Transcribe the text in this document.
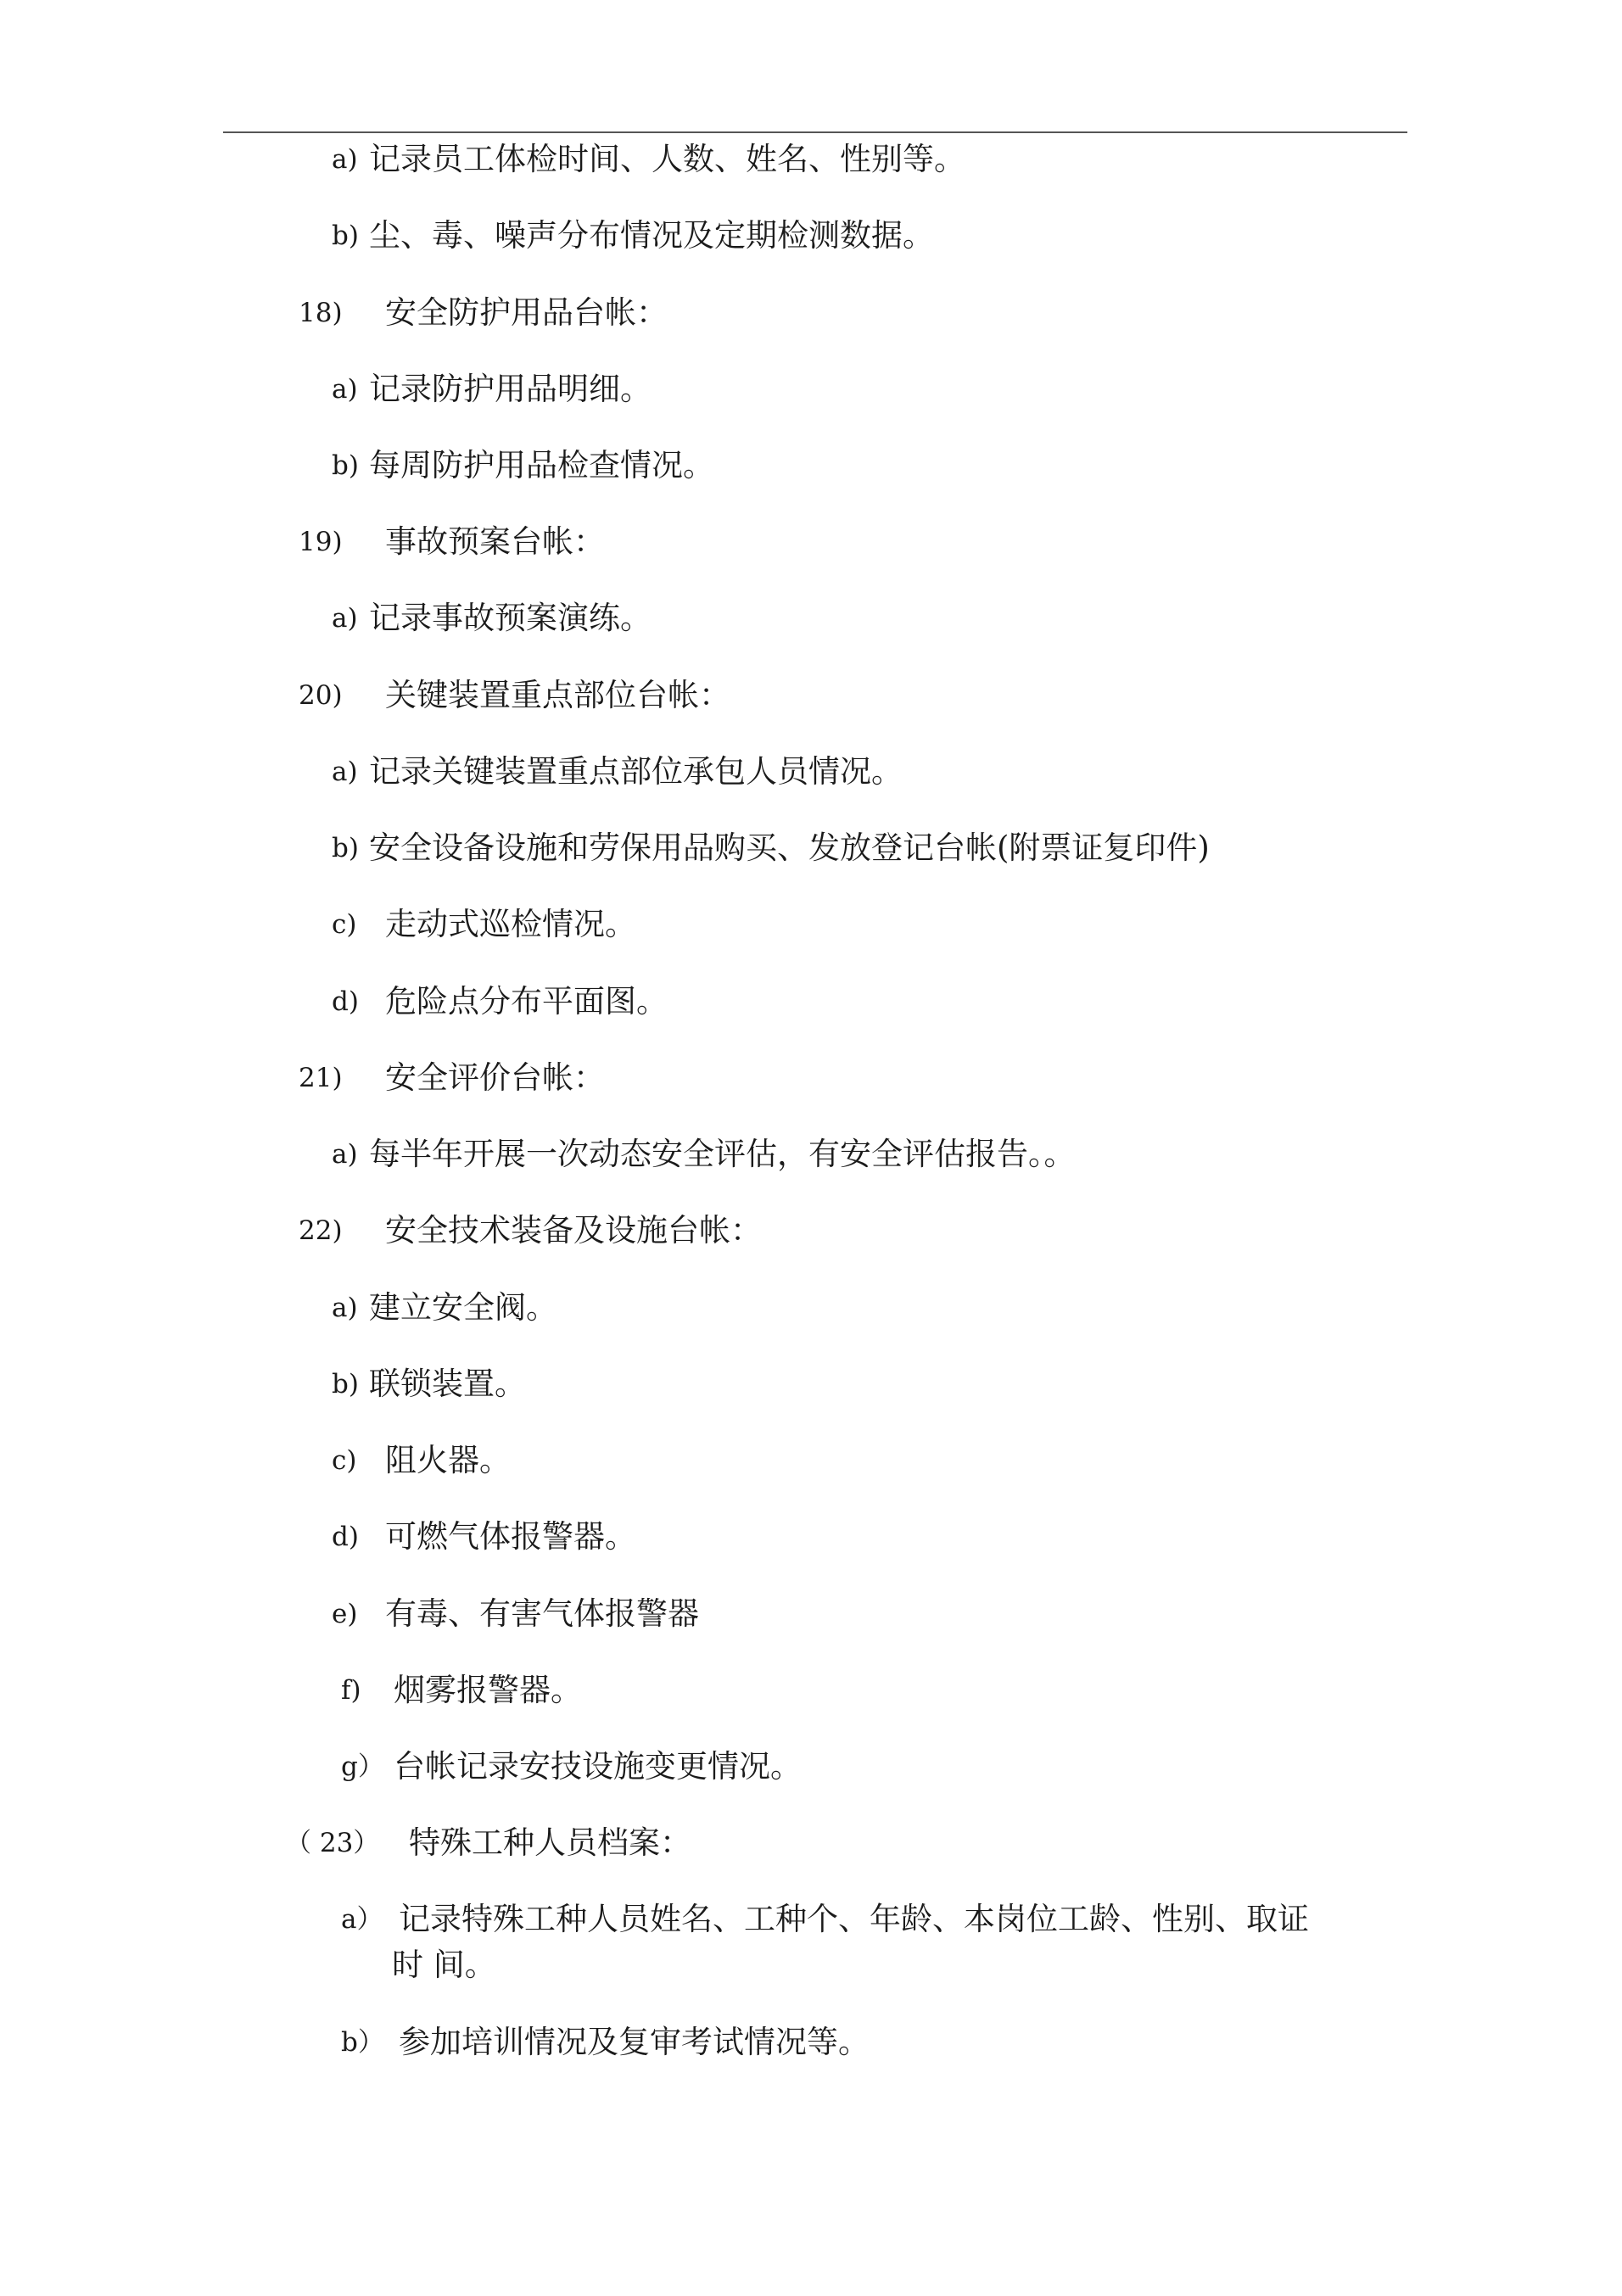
a) 记录员工体检时间、人数、姓名、性别等。
b) 尘、毒、噪声分布情况及定期检测数据。
18) 安全防护用品台帐：
a) 记录防护用品明细。
b) 每周防护用品检查情况。
19) 事故预案台帐：
a) 记录事故预案演练。
20) 关键装置重点部位台帐：
a) 记录关键装置重点部位承包人员情况。
b) 安全设备设施和劳保用品购买、发放登记台帐(附票证复印件)
c) 走动式巡检情况。
d) 危险点分布平面图。
21) 安全评价台帐：
a) 每半年开展一次动态安全评估，有安全评估报告。。
22) 安全技术装备及设施台帐：
a) 建立安全阀。
b) 联锁装置。
c) 阻火器。
d) 可燃气体报警器。
e) 有毒、有害气体报警器
f) 烟雾报警器。
g） 台帐记录安技设施变更情况。
（ 23） 特殊工种人员档案：
a） 记录特殊工种人员姓名、工种个、年龄、本岗位工龄、性别、取证
时 间。
b） 参加培训情况及复审考试情况等。
